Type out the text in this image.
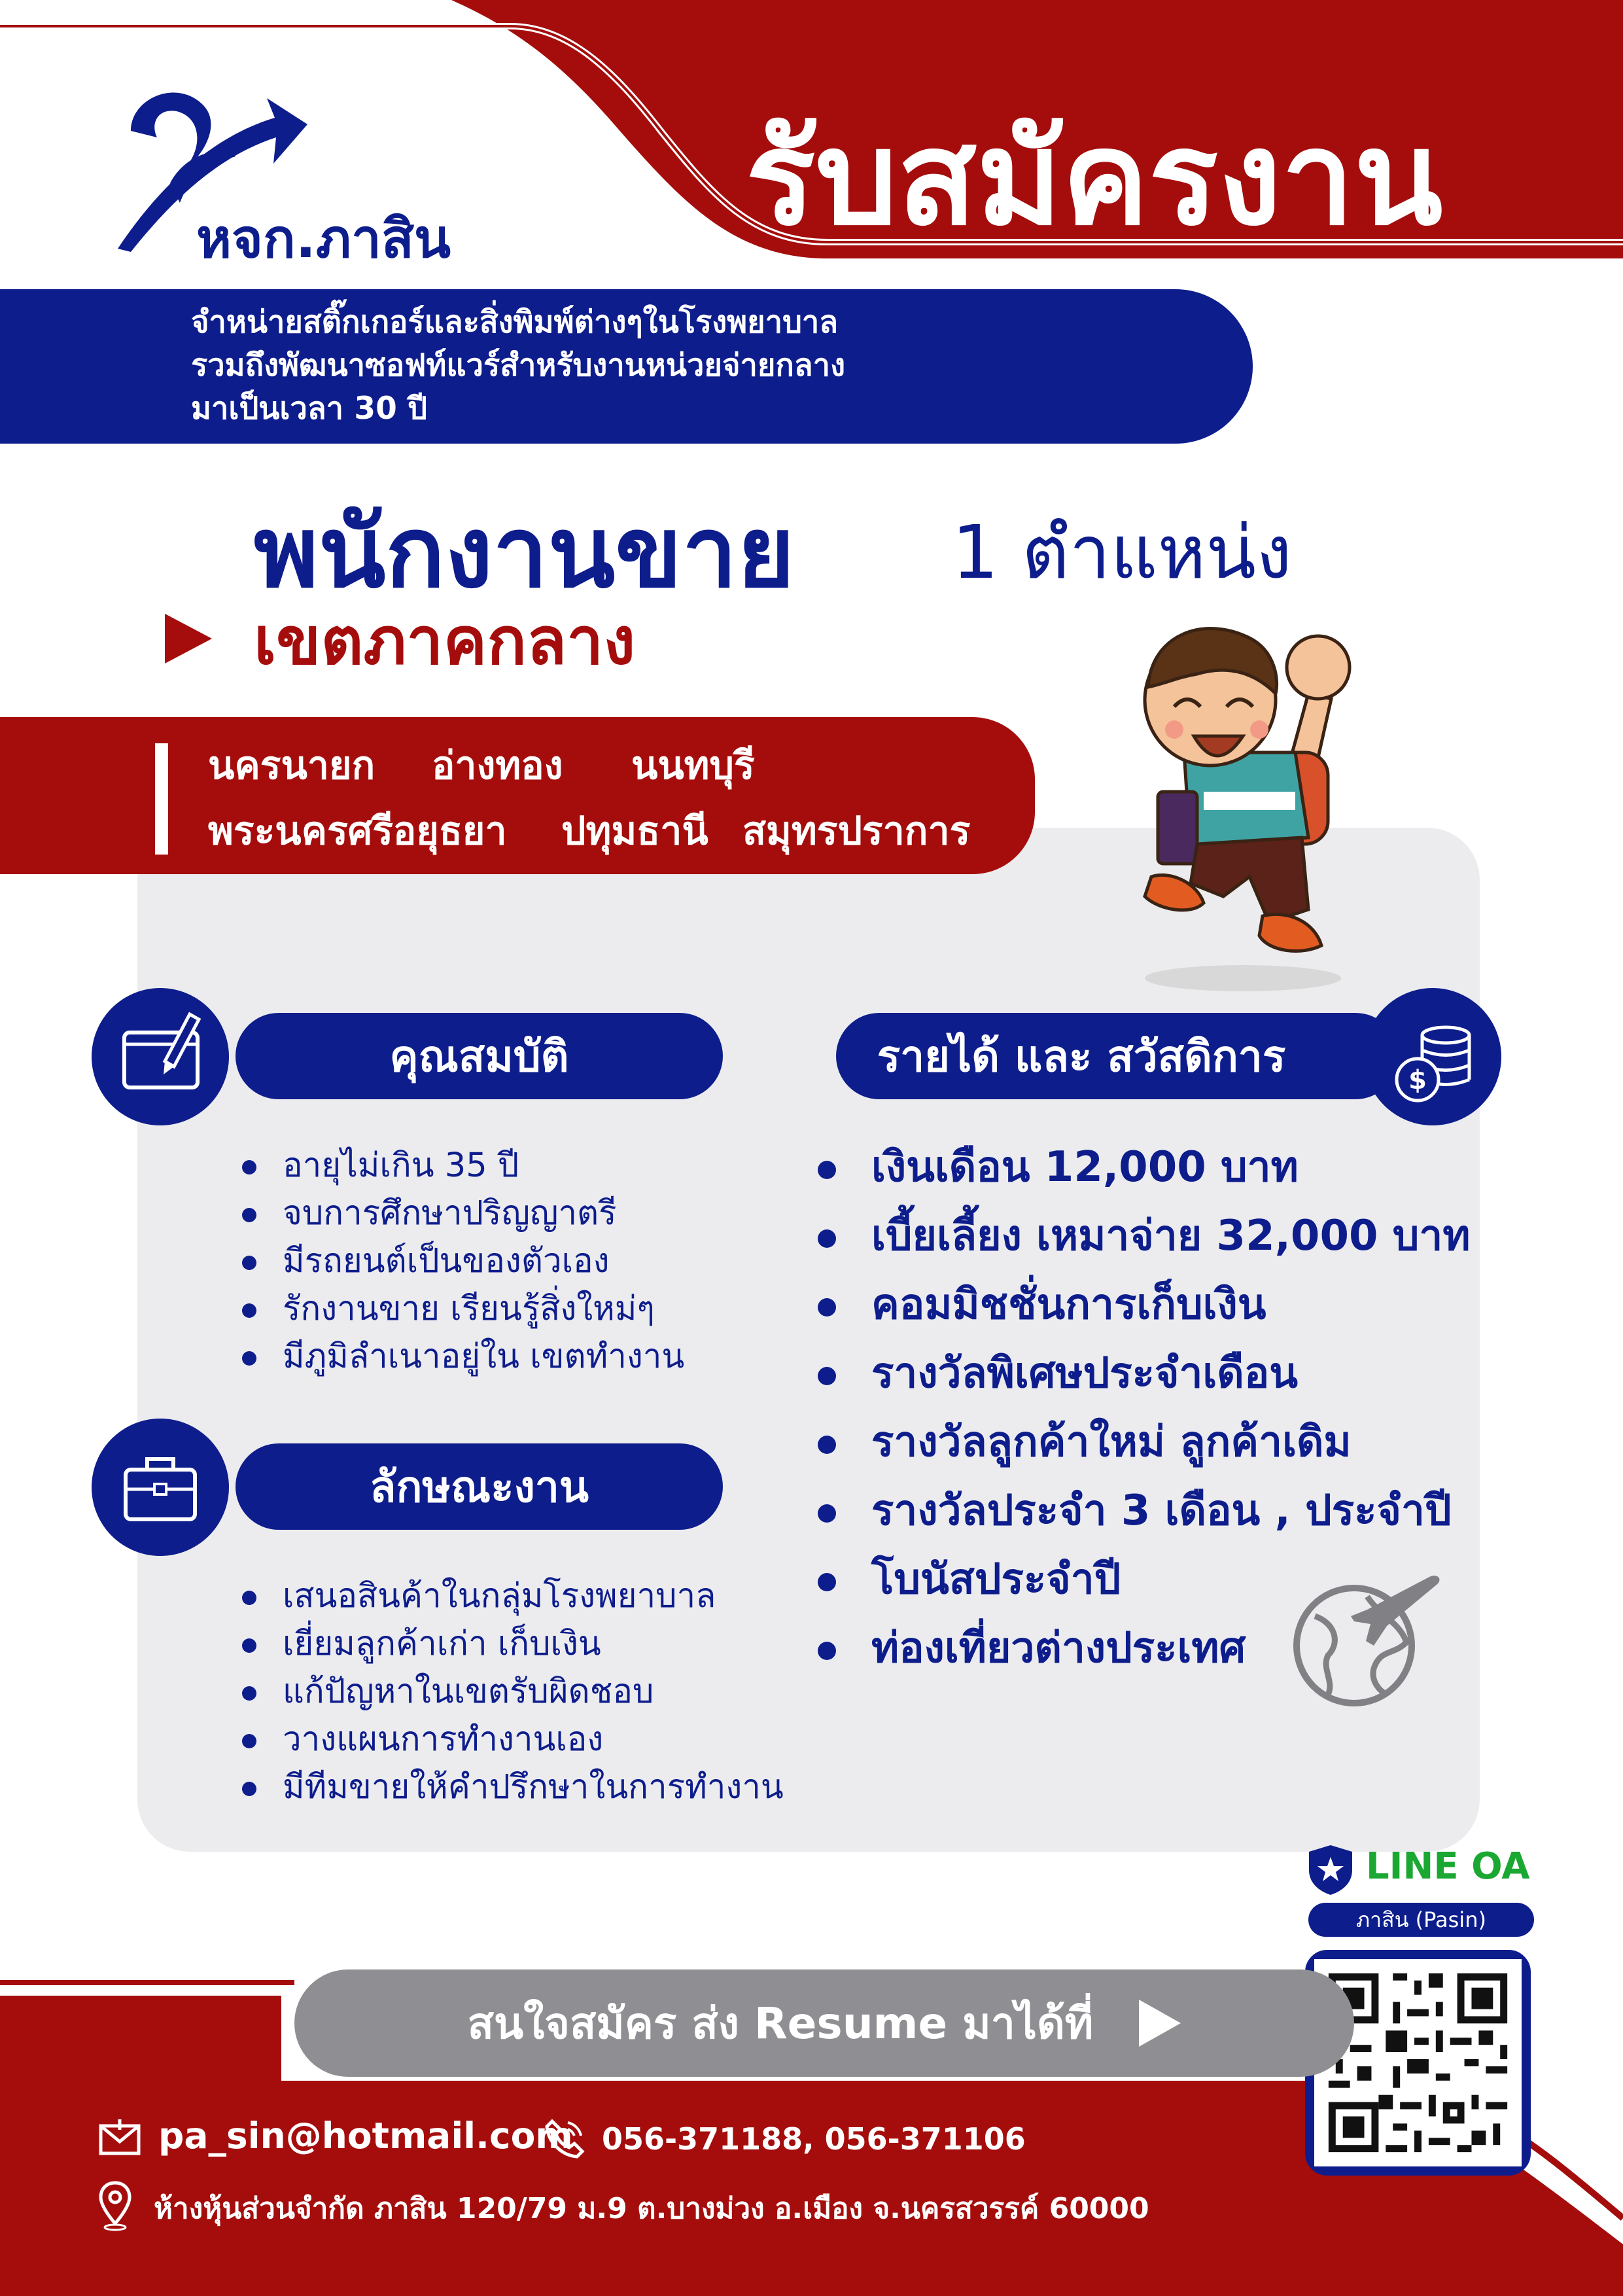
หจก.ภาสิน รับสมัครงาน
จำหน่ายสติ๊กเกอร์และสิ่งพิมพ์ต่างๆในโรงพยาบาล
รวมถึงพัฒนาซอฟท์แวร์สำหรับงานหน่วยจ่ายกลาง
มาเป็นเวลา 30 ปี
พนักงานขาย 1 ตำแหน่ง
เขตภาคกลาง
นครนายก อ่างทอง นนทบุรี
พระนครศรีอยุธยา ปทุมธานี สมุทรปราการ
คุณสมบัติ
อายุไม่เกิน 35 ปี
จบการศึกษาปริญญาตรี
มีรถยนต์เป็นของตัวเอง
รักงานขาย เรียนรู้สิ่งใหม่ๆ
มีภูมิลำเนาอยู่ใน เขตทำงาน
ลักษณะงาน
เสนอสินค้าในกลุ่มโรงพยาบาล
เยี่ยมลูกค้าเก่า เก็บเงิน
แก้ปัญหาในเขตรับผิดชอบ
วางแผนการทำงานเอง
มีทีมขายให้คำปรึกษาในการทำงาน
รายได้ และ สวัสดิการ	$
เงินเดือน 12,000 บาท
เบี้ยเลี้ยง เหมาจ่าย 32,000 บาท
คอมมิชชั่นการเก็บเงิน
รางวัลพิเศษประจำเดือน
รางวัลลูกค้าใหม่ ลูกค้าเดิม
รางวัลประจำ 3 เดือน , ประจำปี
โบนัสประจำปี
ท่องเที่ยวต่างประเทศ
LINE OA
ภาสิน (Pasin)
สนใจสมัคร ส่ง Resume มาได้ที่
pa_sin@hotmail.com 056-371188, 056-371106
ห้างหุ้นส่วนจำกัด ภาสิน 120/79 ม.9 ต.บางม่วง อ.เมือง จ.นครสวรรค์ 60000
